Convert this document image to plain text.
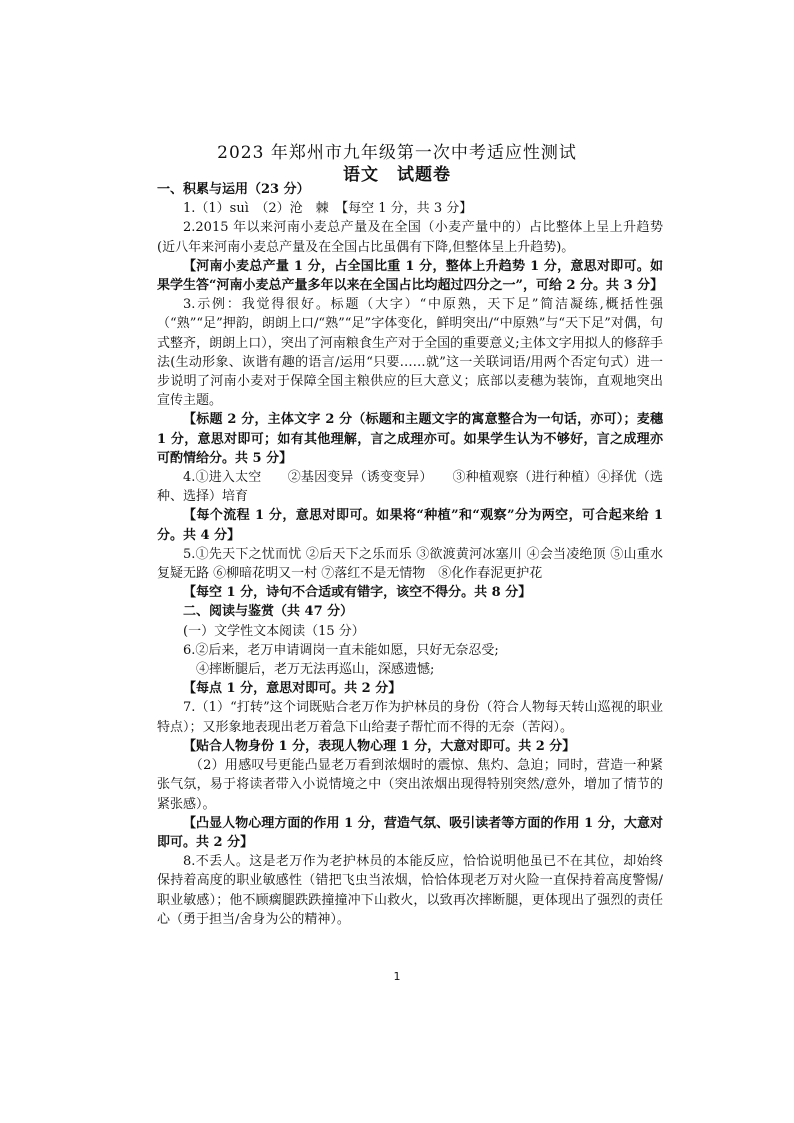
2023 年郑州市九年级第一次中考适应性测试
语文　试题卷

一、积累与运用（23 分）

1.（1）suì　（2）沧　棘　【每空 1 分，共 3 分】

2.2015 年以来河南小麦总产量及在全国（小麦产量中的）占比整体上呈上升趋势(近八年来河南小麦总产量及在全国占比虽偶有下降,但整体呈上升趋势)。

【河南小麦总产量 1 分，占全国比重 1 分，整体上升趋势 1 分，意思对即可。如果学生答“河南小麦总产量多年以来在全国占比均超过四分之一”，可给 2 分。共 3 分】

3.示例：我觉得很好。标题（大字）“中原熟，天下足”简洁凝练,概括性强（“熟”“足”押韵，朗朗上口/“熟”“足”字体变化，鲜明突出/“中原熟”与“天下足”对偶，句式整齐，朗朗上口），突出了河南粮食生产对于全国的重要意义;主体文字用拟人的修辞手法(生动形象、诙谐有趣的语言/运用“只要……就”这一关联词语/用两个否定句式）进一步说明了河南小麦对于保障全国主粮供应的巨大意义；底部以麦穗为装饰，直观地突出宣传主题。

【标题 2 分，主体文字 2 分（标题和主题文字的寓意整合为一句话，亦可）；麦穗 1 分，意思对即可；如有其他理解，言之成理亦可。如果学生认为不够好，言之成理亦可酌情给分。共 5 分】

4.①进入太空　　②基因变异（诱变变异）　　③种植观察（进行种植）④择优（选种、选择）培育

【每个流程 1 分，意思对即可。如果将“种植”和“观察”分为两空，可合起来给 1 分。共 4 分】

5.①先天下之忧而忧 ②后天下之乐而乐 ③欲渡黄河冰塞川 ④会当凌绝顶 ⑤山重水复疑无路 ⑥柳暗花明又一村 ⑦落红不是无情物　⑧化作春泥更护花

【每空 1 分，诗句不合适或有错字，该空不得分。共 8 分】

二、阅读与鉴赏（共 47 分）

(一）文学性文本阅读（15 分）

6.②后来，老万申请调岗一直未能如愿，只好无奈忍受;

　④摔断腿后，老万无法再巡山，深感遗憾;

【每点 1 分，意思对即可。共 2 分】

7.（1）“打转”这个词既贴合老万作为护林员的身份（符合人物每天转山巡视的职业特点）；又形象地表现出老万着急下山给妻子帮忙而不得的无奈（苦闷）。

【贴合人物身份 1 分，表现人物心理 1 分，大意对即可。共 2 分】

　（2）用感叹号更能凸显老万看到浓烟时的震惊、焦灼、急迫；同时，营造一种紧张气氛，易于将读者带入小说情境之中（突出浓烟出现得特别突然/意外，增加了情节的紧张感）。

【凸显人物心理方面的作用 1 分，营造气氛、吸引读者等方面的作用 1 分，大意对即可。共 2 分】

8.不丢人。这是老万作为老护林员的本能反应，恰恰说明他虽已不在其位，却始终保持着高度的职业敏感性（错把飞虫当浓烟，恰恰体现老万对火险一直保持着高度警惕/职业敏感）；他不顾瘸腿跌跌撞撞冲下山救火，以致再次摔断腿，更体现出了强烈的责任心（勇于担当/舍身为公的精神）。

1
